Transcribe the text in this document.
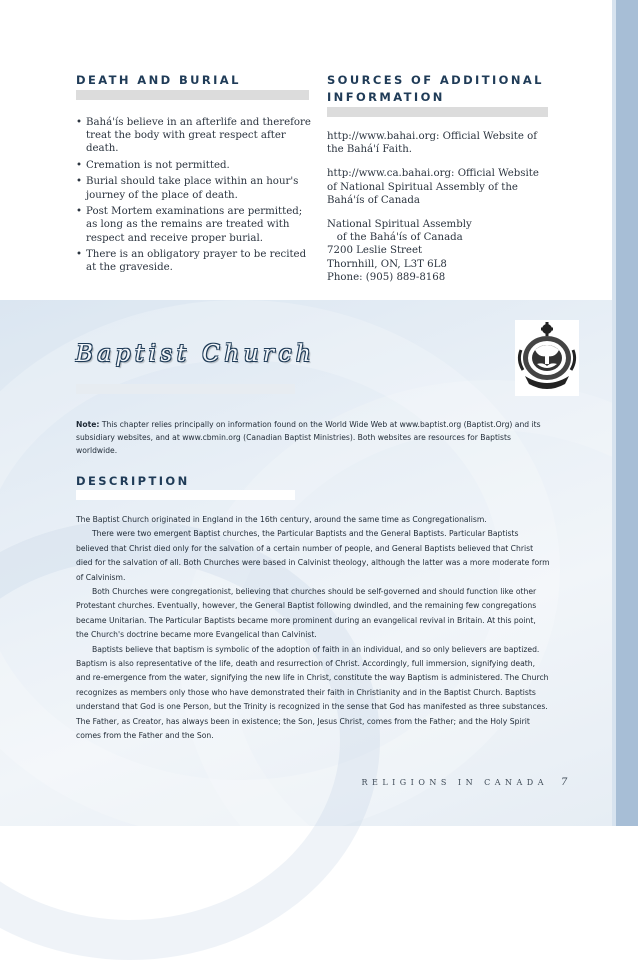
DEATH AND BURIAL
• Bahá'ís believe in an afterlife and therefore treat the body with great respect after death.
• Cremation is not permitted.
• Burial should take place within an hour's journey of the place of death.
• Post Mortem examinations are permitted; as long as the remains are treated with respect and receive proper burial.
• There is an obligatory prayer to be recited at the graveside.
SOURCES OF ADDITIONAL
INFORMATION

http://www.bahai.org: Official Website of the Bahá'í Faith.

http://www.ca.bahai.org: Official Website of National Spiritual Assembly of the Bahá'ís of Canada

National Spiritual Assembly
of the Bahá'ís of Canada
7200 Leslie Street
Thornhill, ON, L3T 6L8
Phone: (905) 889-8168
Baptist Church
Note: This chapter relies principally on information found on the World Wide Web at www.baptist.org (Baptist.Org) and its subsidiary websites, and at www.cbmin.org (Canadian Baptist Ministries). Both websites are resources for Baptists worldwide.
DESCRIPTION

The Baptist Church originated in England in the 16th century, around the same time as Congregationalism.

There were two emergent Baptist churches, the Particular Baptists and the General Baptists. Particular Baptists believed that Christ died only for the salvation of a certain number of people, and General Baptists believed that Christ died for the salvation of all. Both Churches were based in Calvinist theology, although the latter was a more moderate form of Calvinism.

Both Churches were congregationist, believing that churches should be self-governed and should function like other Protestant churches. Eventually, however, the General Baptist following dwindled, and the remaining few congregations became Unitarian. The Particular Baptists became more prominent during an evangelical revival in Britain. At this point, the Church's doctrine became more Evangelical than Calvinist.

Baptists believe that baptism is symbolic of the adoption of faith in an individual, and so only believers are baptized. Baptism is also representative of the life, death and resurrection of Christ. Accordingly, full immersion, signifying death, and re-emergence from the water, signifying the new life in Christ, constitute the way Baptism is administered. The Church recognizes as members only those who have demonstrated their faith in Christianity and in the Baptist Church. Baptists understand that God is one Person, but the Trinity is recognized in the sense that God has manifested as three substances. The Father, as Creator, has always been in existence; the Son, Jesus Christ, comes from the Father; and the Holy Spirit comes from the Father and the Son.

RELIGIONS IN CANADA 7
